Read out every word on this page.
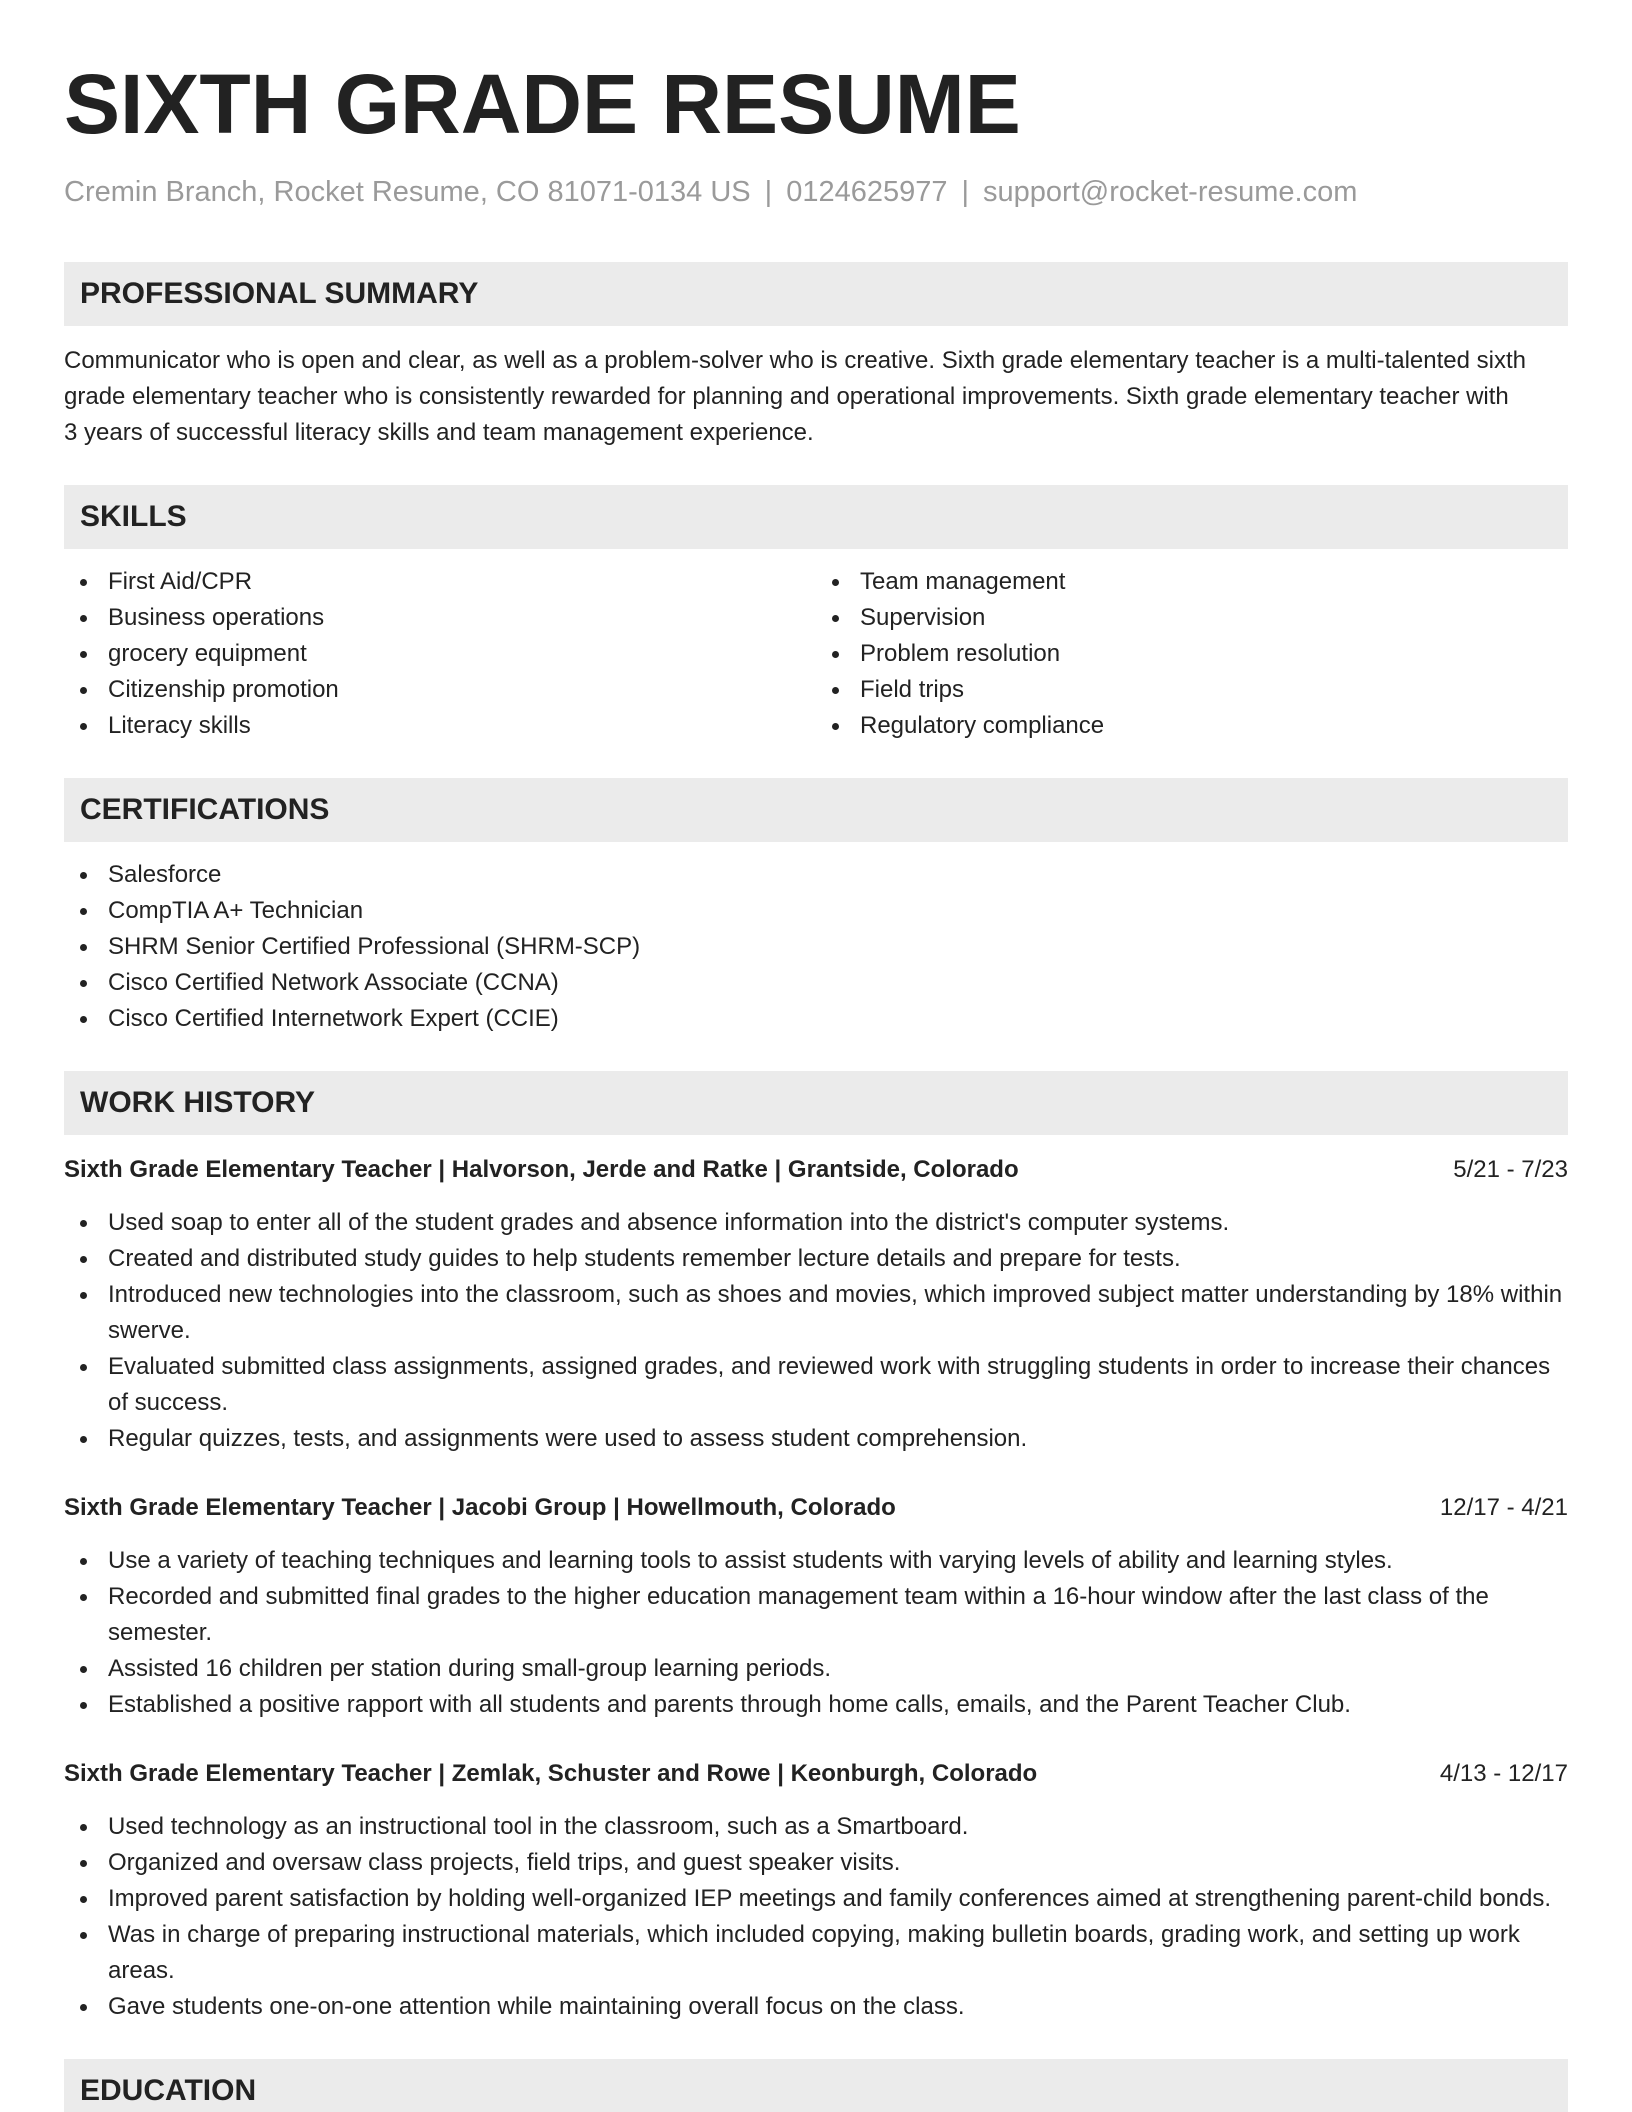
SIXTH GRADE RESUME
Cremin Branch, Rocket Resume, CO 81071-0134 US | 0124625977 | support@rocket-resume.com
PROFESSIONAL SUMMARY

Communicator who is open and clear, as well as a problem-solver who is creative. Sixth grade elementary teacher is a multi-talented sixth grade elementary teacher who is consistently rewarded for planning and operational improvements. Sixth grade elementary teacher with 3 years of successful literacy skills and team management experience.

SKILLS
First Aid/CPR
Business operations
grocery equipment
Citizenship promotion
Literacy skills
Team management
Supervision
Problem resolution
Field trips
Regulatory compliance
CERTIFICATIONS
Salesforce
CompTIA A+ Technician
SHRM Senior Certified Professional (SHRM-SCP)
Cisco Certified Network Associate (CCNA)
Cisco Certified Internetwork Expert (CCIE)
WORK HISTORY
Sixth Grade Elementary Teacher | Halvorson, Jerde and Ratke | Grantside, Colorado	5/21 - 7/23
Used soap to enter all of the student grades and absence information into the district's computer systems.
Created and distributed study guides to help students remember lecture details and prepare for tests.
Introduced new technologies into the classroom, such as shoes and movies, which improved subject matter understanding by 18% within swerve.
Evaluated submitted class assignments, assigned grades, and reviewed work with struggling students in order to increase their chances of success.
Regular quizzes, tests, and assignments were used to assess student comprehension.
Sixth Grade Elementary Teacher | Jacobi Group | Howellmouth, Colorado	12/17 - 4/21
Use a variety of teaching techniques and learning tools to assist students with varying levels of ability and learning styles.
Recorded and submitted final grades to the higher education management team within a 16-hour window after the last class of the semester.
Assisted 16 children per station during small-group learning periods.
Established a positive rapport with all students and parents through home calls, emails, and the Parent Teacher Club.
Sixth Grade Elementary Teacher | Zemlak, Schuster and Rowe | Keonburgh, Colorado	4/13 - 12/17
Used technology as an instructional tool in the classroom, such as a Smartboard.
Organized and oversaw class projects, field trips, and guest speaker visits.
Improved parent satisfaction by holding well-organized IEP meetings and family conferences aimed at strengthening parent-child bonds.
Was in charge of preparing instructional materials, which included copying, making bulletin boards, grading work, and setting up work areas.
Gave students one-on-one attention while maintaining overall focus on the class.
EDUCATION
